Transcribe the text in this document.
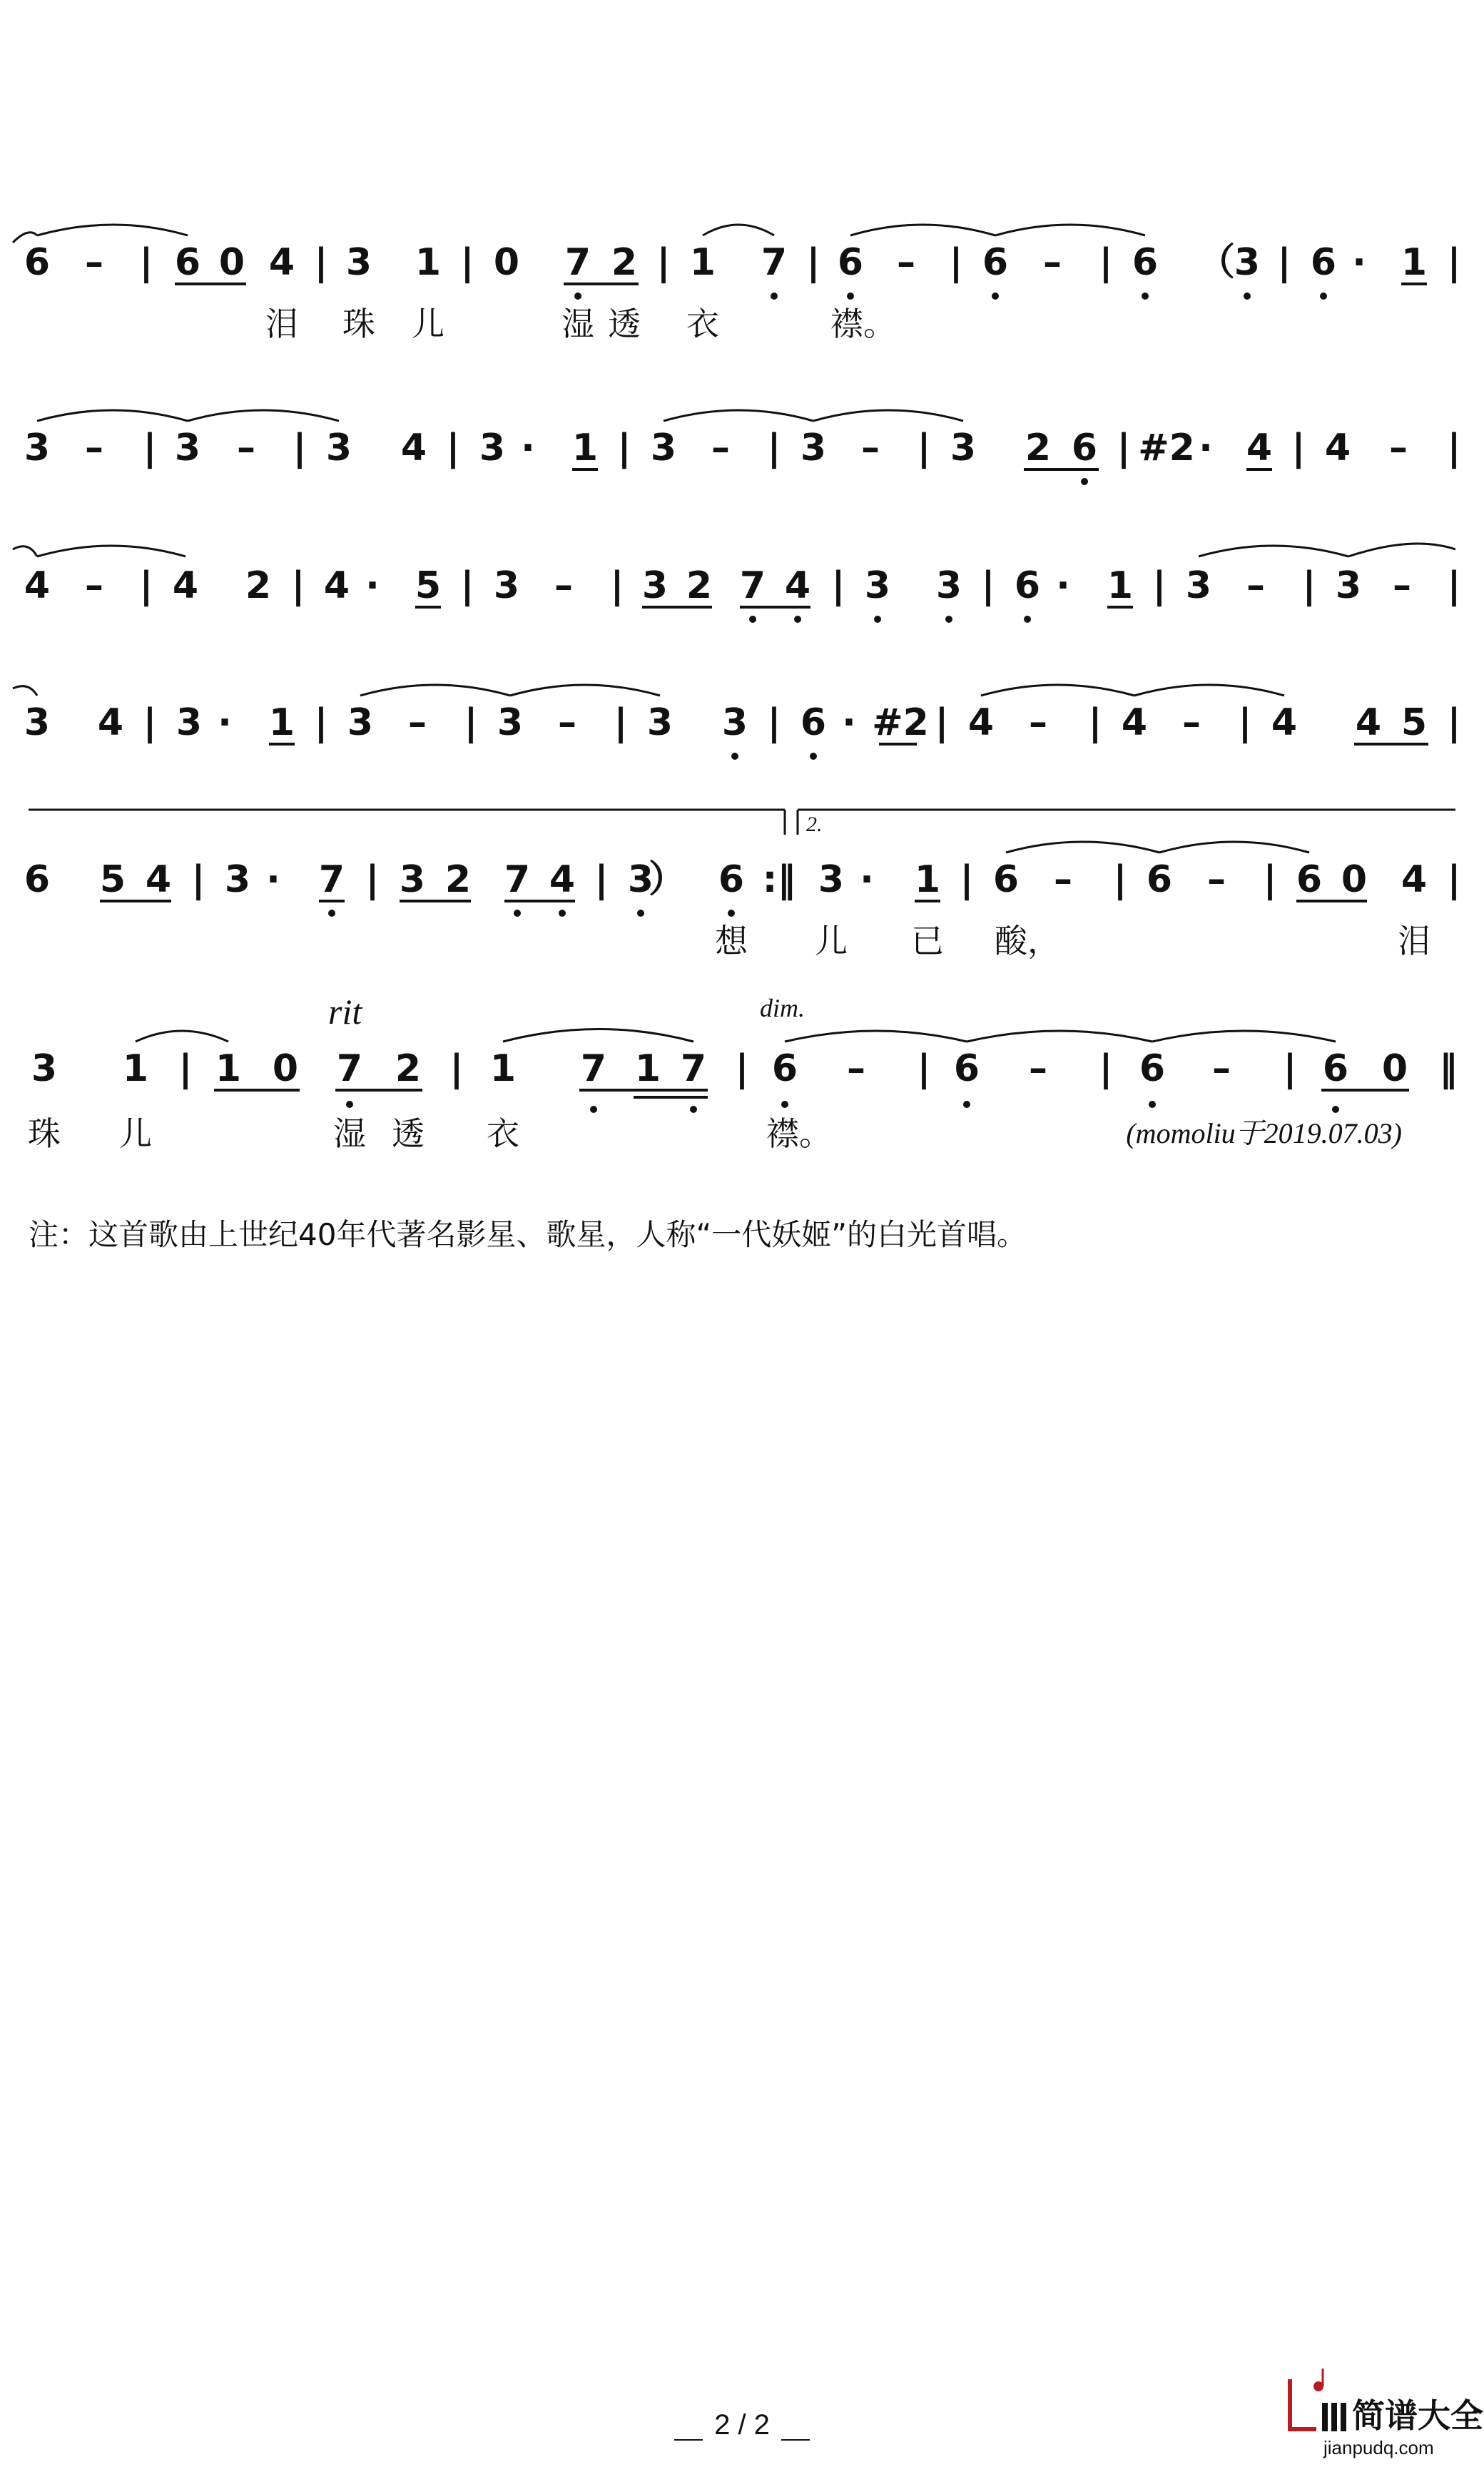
6 – | 6 0 4 | 3 1 | 0 7 2 | 1 7 | 6 – | 6 – | 6 （
3 | 6 · 1 |
泪 珠 儿	湿 透 衣	襟。
3 – | 3 – | 3 4 | 3 · 1 | 3 – | 3 – | 3 2 6 | #2 · 4 | 4 – |
4 – | 4 2 | 4 · 5 | 3 – | 3 2 7 4 | 3 3 | 6 · 1 | 3 – | 3 – |
3 4 | 3 · 1 | 3 – | 3 – | 3 3 | 6 · #2 | 4 – | 4 – | 4 4 5 |
2.
6 5 4 | 3 · 7 | 3 2 7 4 | 3
） 6 :‖ 3 · 1 | 6 – | 6 – | 6 0 4 |
想 儿 已 酸，	泪
rit	dim.
3 1 | 1 0 7 2 | 1 7 1 7 | 6 – | 6 – | 6 – | 6 0 ‖
珠 儿	湿 透 衣	襟。	(momoliu于2019.07.03)
注：这首歌由上世纪40年代著名影星、歌星，人称“一代妖姬”的白光首唱。
2 / 2	简谱大全
jianpudq.com
